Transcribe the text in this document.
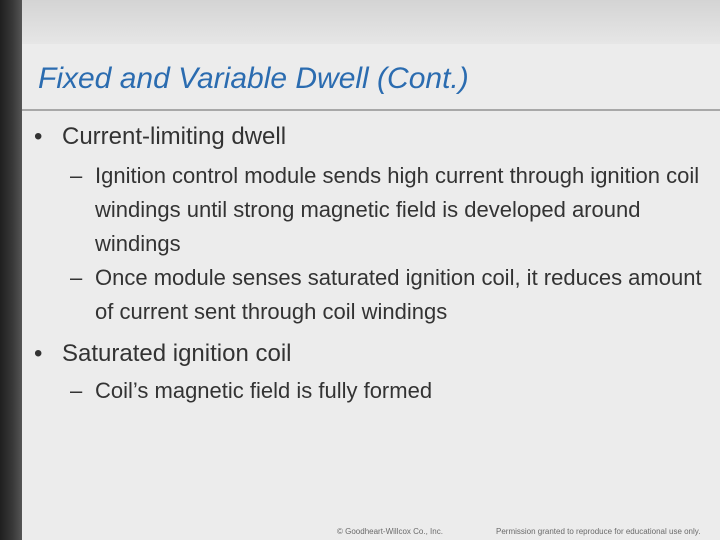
Fixed and Variable Dwell (Cont.)
• Current-limiting dwell
– Ignition control module sends high current through ignition coil windings until strong magnetic field is developed around windings
– Once module senses saturated ignition coil, it reduces amount of current sent through coil windings
• Saturated ignition coil
– Coil’s magnetic field is fully formed
© Goodheart-Willcox Co., Inc.	Permission granted to reproduce for educational use only.
